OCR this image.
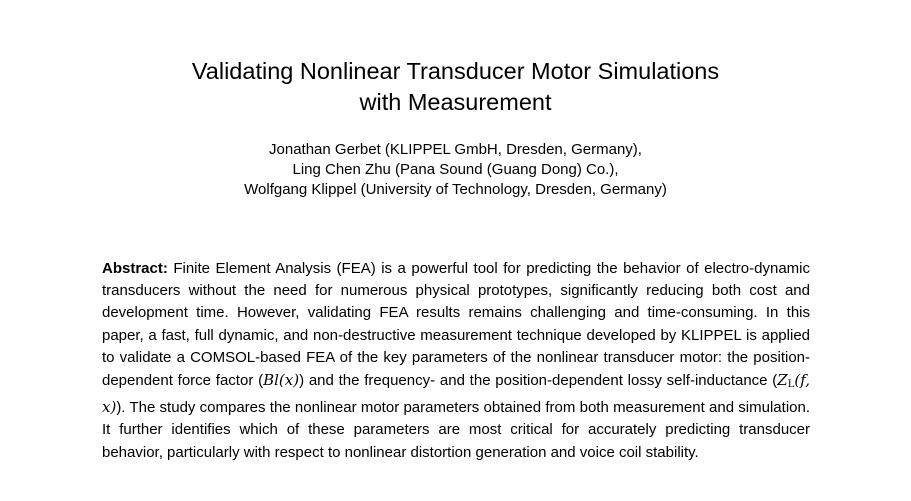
Validating Nonlinear Transducer Motor Simulations
with Measurement
Jonathan Gerbet (KLIPPEL GmbH, Dresden, Germany),
Ling Chen Zhu (Pana Sound (Guang Dong) Co.),
Wolfgang Klippel (University of Technology, Dresden, Germany)

Abstract: Finite Element Analysis (FEA) is a powerful tool for predicting the behavior of electro-dynamic transducers without the need for numerous physical prototypes, significantly reducing both cost and development time. However, validating FEA results remains challenging and time-consuming. In this paper, a fast, full dynamic, and non-destructive measurement technique developed by KLIPPEL is applied to validate a COMSOL-based FEA of the key parameters of the nonlinear transducer motor: the position-dependent force factor (Bl(x)) and the frequency- and the position-dependent lossy self-inductance ($Z_L(f$, x)). The study compares the nonlinear motor parameters obtained from both measurement and simulation. It further identifies which of these parameters are most critical for accurately predicting transducer behavior, particularly with respect to nonlinear distortion generation and voice coil stability.
